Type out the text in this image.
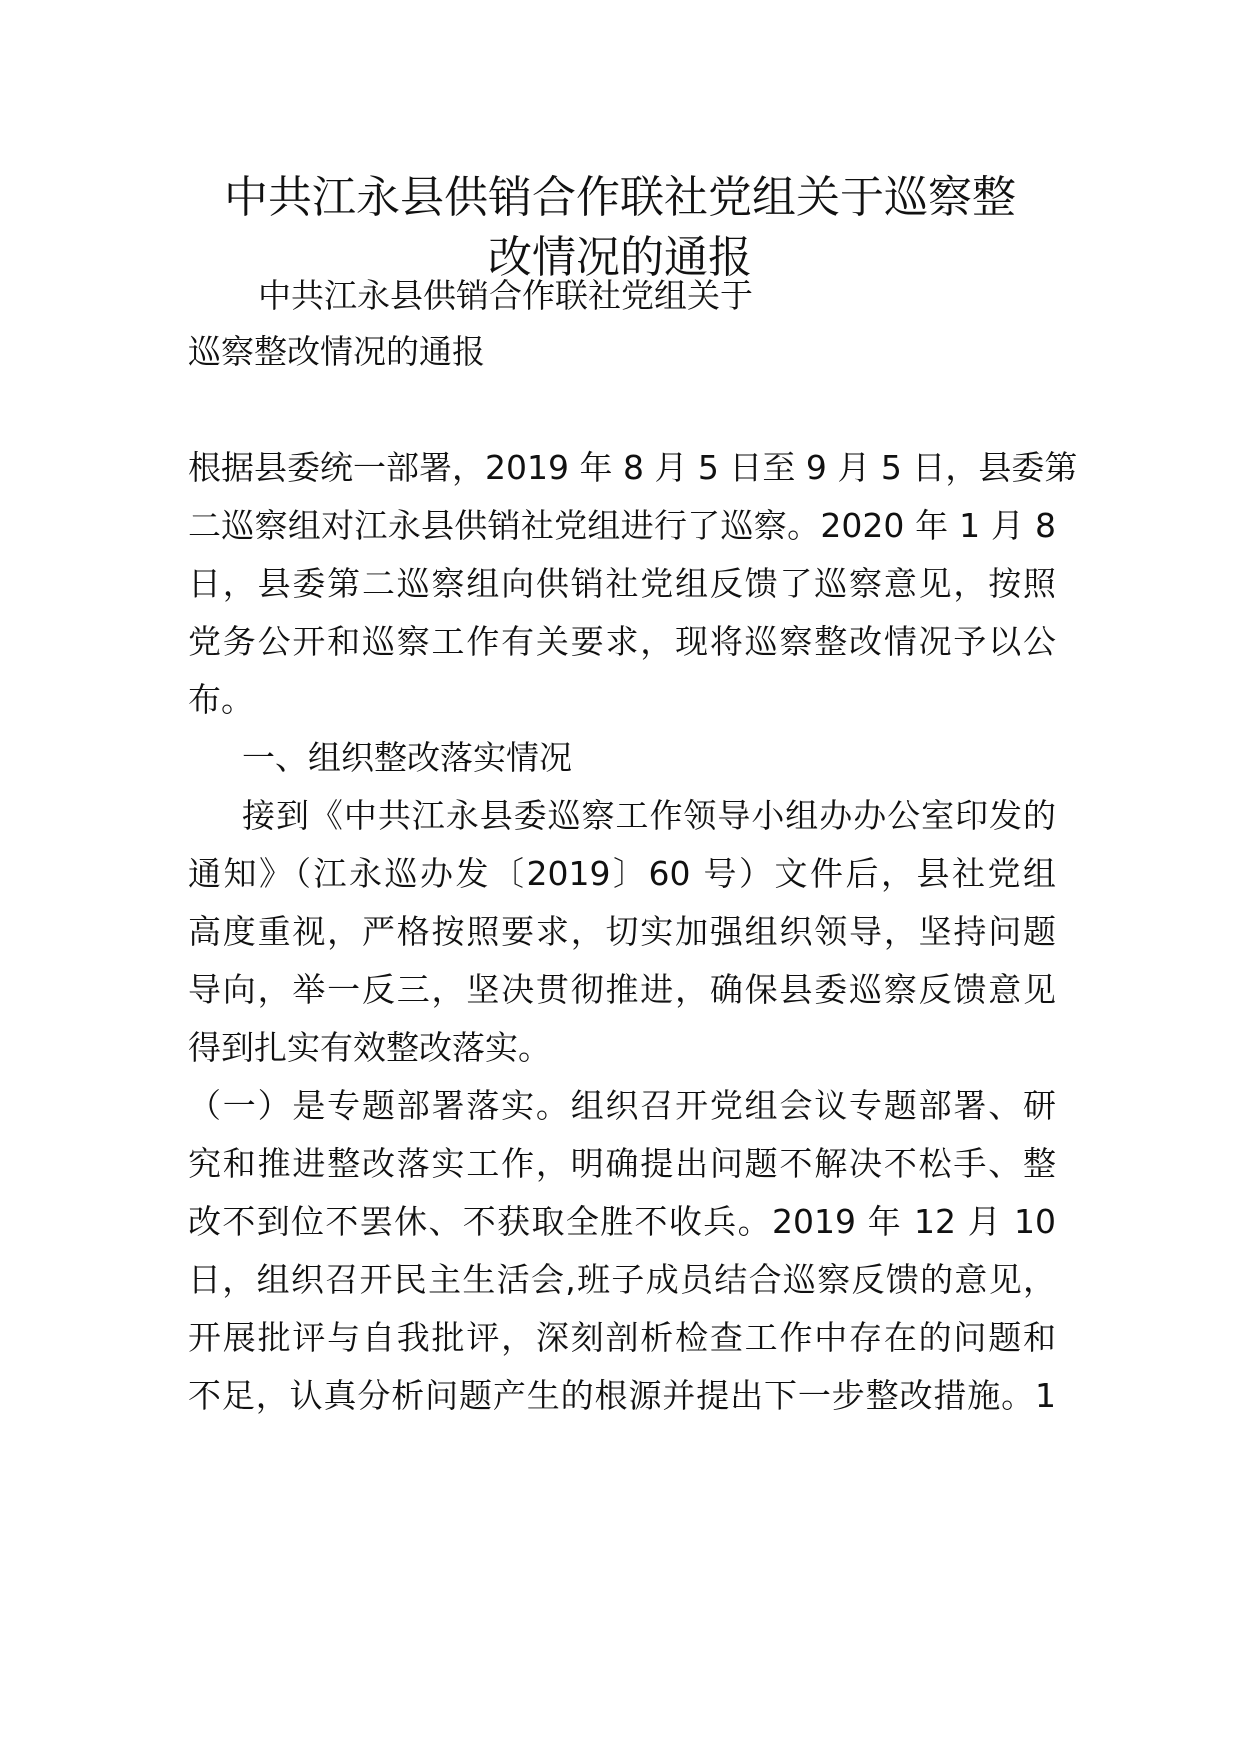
中共江永县供销合作联社党组关于巡察整
改情况的通报

中共江永县供销合作联社党组关于

巡察整改情况的通报

根据县委统一部署，2019 年 8 月 5 日至 9 月 5 日，县委第

二巡察组对江永县供销社党组进行了巡察。2020 年 1 月 8

日，县委第二巡察组向供销社党组反馈了巡察意见，按照

党务公开和巡察工作有关要求，现将巡察整改情况予以公

布。

一、组织整改落实情况

接到《中共江永县委巡察工作领导小组办办公室印发的

通知》（江永巡办发〔2019〕60 号）文件后，县社党组

高度重视，严格按照要求，切实加强组织领导，坚持问题

导向，举一反三，坚决贯彻推进，确保县委巡察反馈意见

得到扎实有效整改落实。

（一）是专题部署落实。组织召开党组会议专题部署、研

究和推进整改落实工作，明确提出问题不解决不松手、整

改不到位不罢休、不获取全胜不收兵。2019 年 12 月 10

日，组织召开民主生活会,班子成员结合巡察反馈的意见，

开展批评与自我批评，深刻剖析检查工作中存在的问题和

不足，认真分析问题产生的根源并提出下一步整改措施。1
